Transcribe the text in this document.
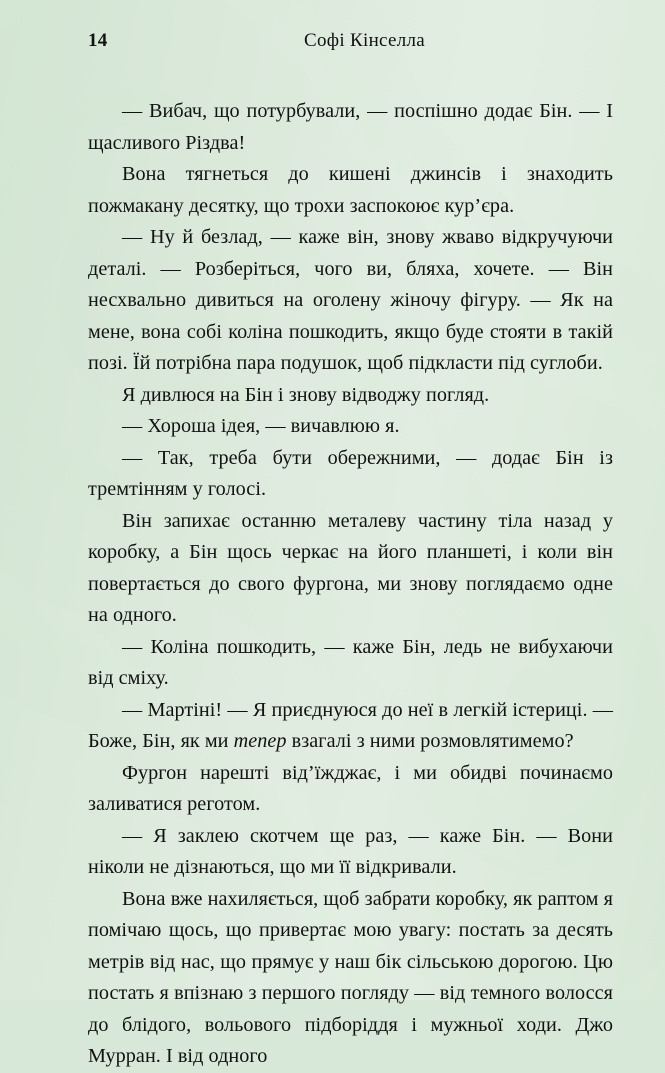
14	Софі Кінселла

— Вибач, що потурбували, — поспішно додає Бін. — І щасливого Різдва!

Вона тягнеться до кишені джинсів і знаходить пожмакану десятку, що трохи заспокоює кур’єра.

— Ну й безлад, — каже він, знову жваво відкручуючи деталі. — Розберіться, чого ви, бляха, хочете. — Він несхвально дивиться на оголену жіночу фігуру. — Як на мене, вона собі коліна пошкодить, якщо буде стояти в такій позі. Їй потрібна пара подушок, щоб підкласти під суглоби.

Я дивлюся на Бін і знову відводжу погляд.

— Хороша ідея, — вичавлюю я.

— Так, треба бути обережними, — додає Бін із тремтінням у голосі.

Він запихає останню металеву частину тіла назад у коробку, а Бін щось черкає на його планшеті, і коли він повертається до свого фургона, ми знову поглядаємо одне на одного.

— Коліна пошкодить, — каже Бін, ледь не вибухаючи від сміху.

— Мартіні! — Я приєднуюся до неї в легкій істериці. — Боже, Бін, як ми тепер взагалі з ними розмовлятимемо?

Фургон нарешті від’їжджає, і ми обидві починаємо заливатися реготом.

— Я заклею скотчем ще раз, — каже Бін. — Вони ніколи не дізнаються, що ми її відкривали.

Вона вже нахиляється, щоб забрати коробку, як раптом я помічаю щось, що привертає мою увагу: постать за десять метрів від нас, що прямує у наш бік сільською дорогою. Цю постать я впізнаю з першого погляду — від темного волосся до блідого, вольового підборіддя і мужньої ходи. Джо Мурран. І від одного
